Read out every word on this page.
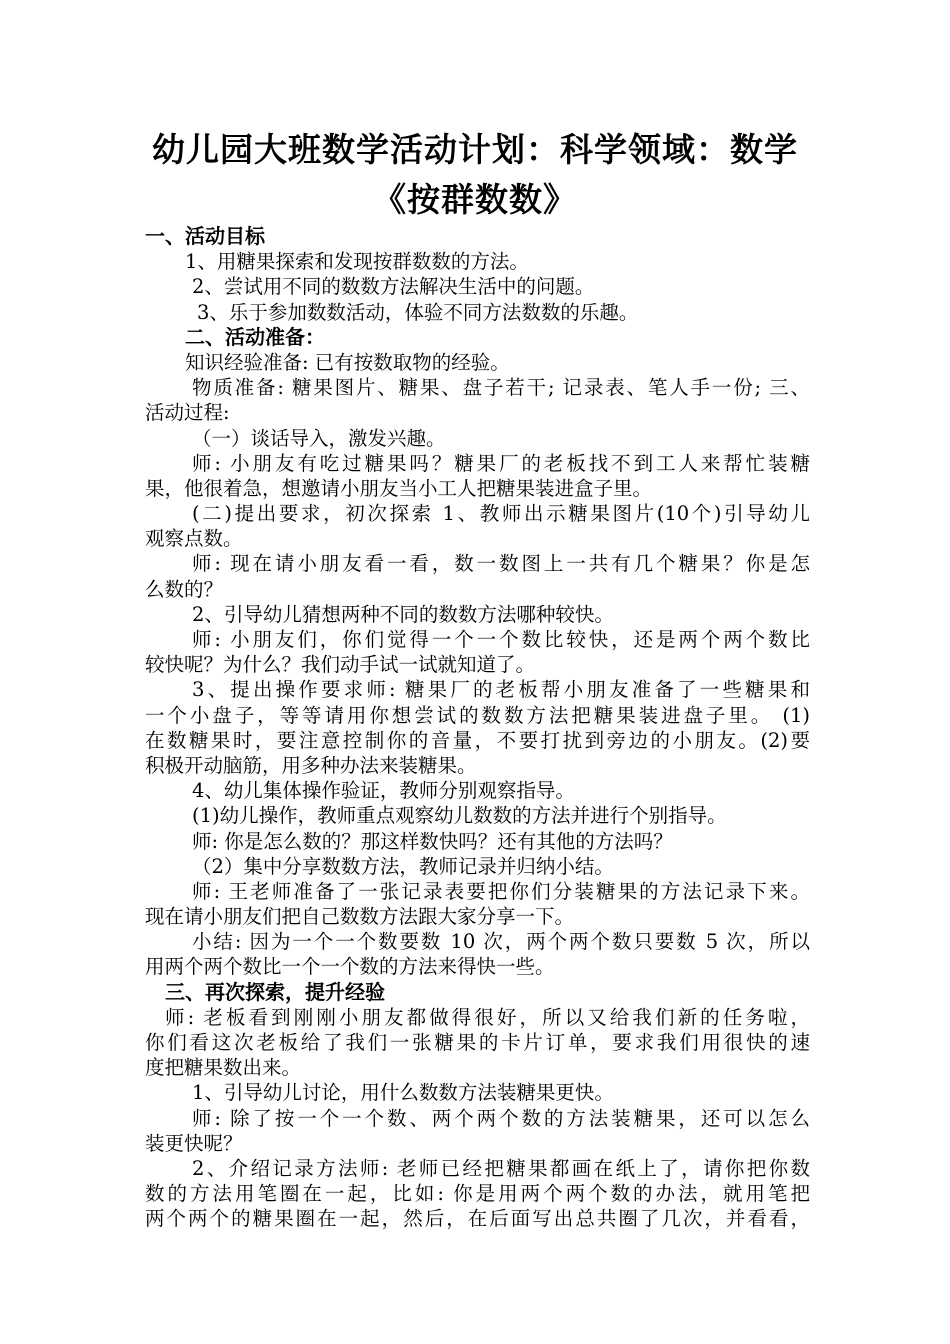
幼儿园大班数学活动计划：科学领域：数学
《按群数数》
一、活动目标
1、用糖果探索和发现按群数数的方法。
2、尝试用不同的数数方法解决生活中的问题。
3、乐于参加数数活动，体验不同方法数数的乐趣。
二、活动准备：
知识经验准备: 已有按数取物的经验。
物质准备: 糖果图片、糖果、盘子若干; 记录表、笔人手一份; 三、
活动过程:
（一）谈话导入，激发兴趣。
师: 小朋友有吃过糖果吗？糖果厂的老板找不到工人来帮忙装糖
果，他很着急，想邀请小朋友当小工人把糖果装进盒子里。
(二)提出要求，初次探索 1、教师出示糖果图片(10个)引导幼儿
观察点数。
师: 现在请小朋友看一看，数一数图上一共有几个糖果？你是怎
么数的？
2、引导幼儿猜想两种不同的数数方法哪种较快。
师: 小朋友们，你们觉得一个一个数比较快，还是两个两个数比
较快呢？为什么？我们动手试一试就知道了。
3、提出操作要求师: 糖果厂的老板帮小朋友准备了一些糖果和
一个小盘子，等等请用你想尝试的数数方法把糖果装进盘子里。 (1)
在数糖果时，要注意控制你的音量，不要打扰到旁边的小朋友。(2)要
积极开动脑筋，用多种办法来装糖果。
4、幼儿集体操作验证，教师分别观察指导。
(1)幼儿操作，教师重点观察幼儿数数的方法并进行个别指导。
师: 你是怎么数的？那这样数快吗？还有其他的方法吗？
（2）集中分享数数方法，教师记录并归纳小结。
师: 王老师准备了一张记录表要把你们分装糖果的方法记录下来。
现在请小朋友们把自己数数方法跟大家分享一下。
小结: 因为一个一个数要数 10 次，两个两个数只要数 5 次，所以
用两个两个数比一个一个数的方法来得快一些。
三、再次探索，提升经验
师: 老板看到刚刚小朋友都做得很好，所以又给我们新的任务啦，
你们看这次老板给了我们一张糖果的卡片订单，要求我们用很快的速
度把糖果数出来。
1、引导幼儿讨论，用什么数数方法装糖果更快。
师: 除了按一个一个数、两个两个数的方法装糖果，还可以怎么
装更快呢？
2、介绍记录方法师: 老师已经把糖果都画在纸上了，请你把你数
数的方法用笔圈在一起，比如: 你是用两个两个数的办法，就用笔把
两个两个的糖果圈在一起，然后，在后面写出总共圈了几次，并看看，
